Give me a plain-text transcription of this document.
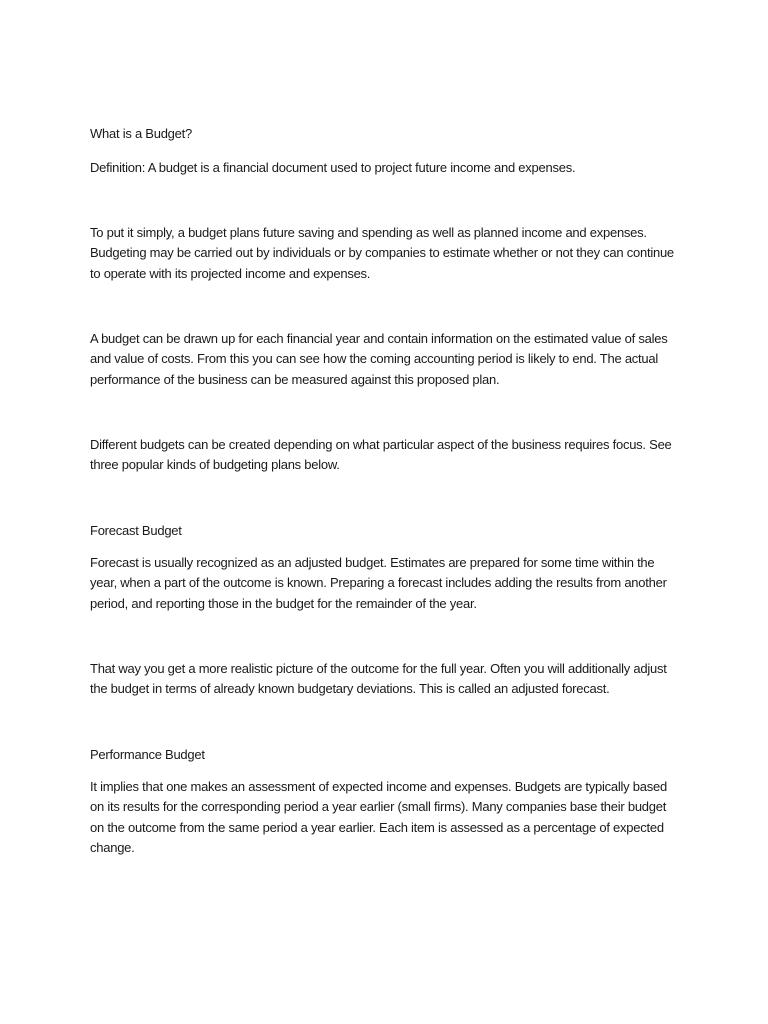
What is a Budget?

Definition: A budget is a financial document used to project future income and expenses.

To put it simply, a budget plans future saving and spending as well as planned income and expenses. Budgeting may be carried out by individuals or by companies to estimate whether or not they can continue to operate with its projected income and expenses.

A budget can be drawn up for each financial year and contain information on the estimated value of sales and value of costs. From this you can see how the coming accounting period is likely to end. The actual performance of the business can be measured against this proposed plan.

Different budgets can be created depending on what particular aspect of the business requires focus. See three popular kinds of budgeting plans below.

Forecast Budget

Forecast is usually recognized as an adjusted budget. Estimates are prepared for some time within the year, when a part of the outcome is known. Preparing a forecast includes adding the results from another period, and reporting those in the budget for the remainder of the year.

That way you get a more realistic picture of the outcome for the full year. Often you will additionally adjust the budget in terms of already known budgetary deviations. This is called an adjusted forecast.

Performance Budget

It implies that one makes an assessment of expected income and expenses. Budgets are typically based on its results for the corresponding period a year earlier (small firms). Many companies base their budget on the outcome from the same period a year earlier. Each item is assessed as a percentage of expected change.
